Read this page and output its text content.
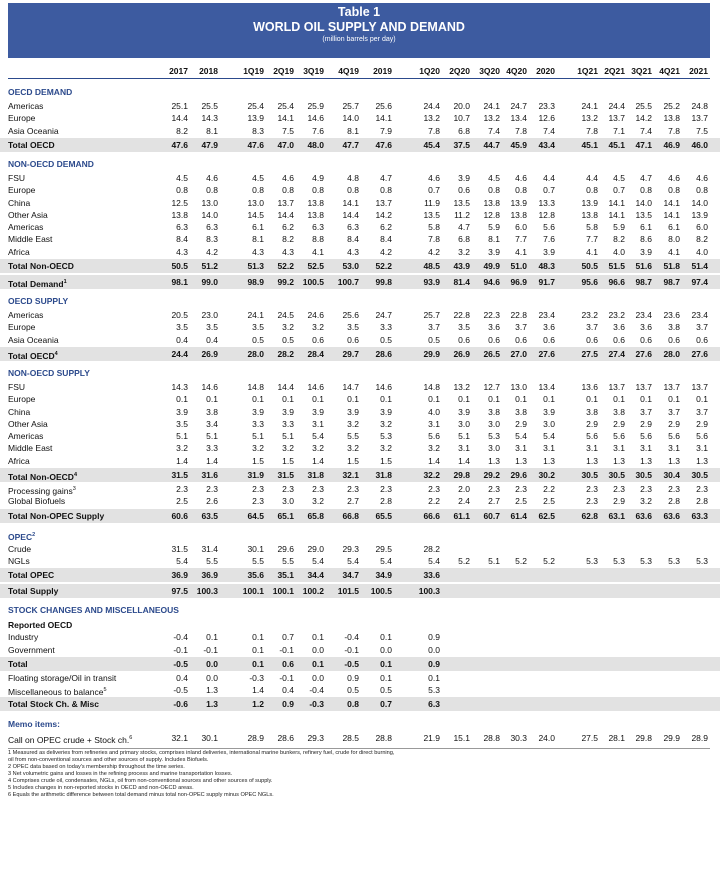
Table 1
WORLD OIL SUPPLY AND DEMAND
(million barrels per day)
2017	2018	1Q19	2Q19	3Q19	4Q19	2019	1Q20	2Q20	3Q20 4Q20	2020	1Q21 2Q21 3Q21 4Q21	2021
OECD DEMAND
Americas	25.1	25.5	25.4	25.4	25.9	25.7	25.6	24.4	20.0	24.1	24.7	23.3	24.1	24.4	25.5	25.2	24.8
Europe	14.4	14.3	13.9	14.1	14.6	14.0	14.1	13.2	10.7	13.2	13.4	12.6	13.2	13.7	14.2	13.8	13.7
Asia Oceania	8.2	8.1	8.3	7.5	7.6	8.1	7.9	7.8	6.8	7.4	7.8	7.4	7.8	7.1	7.4	7.8	7.5
Total OECD	47.6	47.9	47.6	47.0	48.0	47.7	47.6	45.4	37.5	44.7	45.9	43.4	45.1	45.1	47.1	46.9	46.0
NON-OECD DEMAND
FSU	4.5	4.6	4.5	4.6	4.9	4.8	4.7	4.6	3.9	4.5	4.6	4.4	4.4	4.5	4.7	4.6	4.6
Europe	0.8	0.8	0.8	0.8	0.8	0.8	0.8	0.7	0.6	0.8	0.8	0.7	0.8	0.7	0.8	0.8	0.8
China	12.5	13.0	13.0	13.7	13.8	14.1	13.7	11.9	13.5	13.8	13.9	13.3	13.9	14.1	14.0	14.1	14.0
Other Asia	13.8	14.0	14.5	14.4	13.8	14.4	14.2	13.5	11.2	12.8	13.8	12.8	13.8	14.1	13.5	14.1	13.9
Americas	6.3	6.3	6.1	6.2	6.3	6.3	6.2	5.8	4.7	5.9	6.0	5.6	5.8	5.9	6.1	6.1	6.0
Middle East	8.4	8.3	8.1	8.2	8.8	8.4	8.4	7.8	6.8	8.1	7.7	7.6	7.7	8.2	8.6	8.0	8.2
Africa	4.3	4.2	4.3	4.3	4.1	4.3	4.2	4.2	3.2	3.9	4.1	3.9	4.1	4.0	3.9	4.1	4.0
Total Non-OECD	50.5	51.2	51.3	52.2	52.5	53.0	52.2	48.5	43.9	49.9	51.0	48.3	50.5	51.5	51.6	51.8	51.4
Total Demand$^1$	98.1	99.0	98.9	99.2	100.5	100.7	99.8	93.9	81.4	94.6	96.9	91.7	95.6	96.6	98.7	98.7	97.4
OECD SUPPLY
Americas	20.5	23.0	24.1	24.5	24.6	25.6	24.7	25.7	22.8	22.3	22.8	23.4	23.2	23.2	23.4	23.6	23.4
Europe	3.5	3.5	3.5	3.2	3.2	3.5	3.3	3.7	3.5	3.6	3.7	3.6	3.7	3.6	3.6	3.8	3.7
Asia Oceania	0.4	0.4	0.5	0.5	0.6	0.6	0.5	0.5	0.6	0.6	0.6	0.6	0.6	0.6	0.6	0.6	0.6
Total OECD$^4$	24.4	26.9	28.0	28.2	28.4	29.7	28.6	29.9	26.9	26.5	27.0	27.6	27.5	27.4	27.6	28.0	27.6
NON-OECD SUPPLY
FSU	14.3	14.6	14.8	14.4	14.6	14.7	14.6	14.8	13.2	12.7	13.0	13.4	13.6	13.7	13.7	13.7	13.7
Europe	0.1	0.1	0.1	0.1	0.1	0.1	0.1	0.1	0.1	0.1	0.1	0.1	0.1	0.1	0.1	0.1	0.1
China	3.9	3.8	3.9	3.9	3.9	3.9	3.9	4.0	3.9	3.8	3.8	3.9	3.8	3.8	3.7	3.7	3.7
Other Asia	3.5	3.4	3.3	3.3	3.1	3.2	3.2	3.1	3.0	3.0	2.9	3.0	2.9	2.9	2.9	2.9	2.9
Americas	5.1	5.1	5.1	5.1	5.4	5.5	5.3	5.6	5.1	5.3	5.4	5.4	5.6	5.6	5.6	5.6	5.6
Middle East	3.2	3.3	3.2	3.2	3.2	3.2	3.2	3.2	3.1	3.0	3.1	3.1	3.1	3.1	3.1	3.1	3.1
Africa	1.4	1.4	1.5	1.5	1.4	1.5	1.5	1.4	1.4	1.3	1.3	1.3	1.3	1.3	1.3	1.3	1.3
Total Non-OECD$^4$	31.5	31.6	31.9	31.5	31.8	32.1	31.8	32.2	29.8	29.2	29.6	30.2	30.5	30.5	30.5	30.4	30.5
Processing gains$^3$	2.3	2.3	2.3	2.3	2.3	2.3	2.3	2.3	2.0	2.3	2.3	2.2	2.3	2.3	2.3	2.3	2.3
Global Biofuels	2.5	2.6	2.3	3.0	3.2	2.7	2.8	2.2	2.4	2.7	2.5	2.5	2.3	2.9	3.2	2.8	2.8
Total Non-OPEC Supply	60.6	63.5	64.5	65.1	65.8	66.8	65.5	66.6	61.1	60.7	61.4	62.5	62.8	63.1	63.6	63.6	63.3
OPEC$^2$
Crude	31.5	31.4	30.1	29.6	29.0	29.3	29.5	28.2
NGLs	5.4	5.5	5.5	5.5	5.4	5.4	5.4	5.4	5.2	5.1	5.2	5.2	5.3	5.3	5.3	5.3	5.3
Total OPEC	36.9	36.9	35.6	35.1	34.4	34.7	34.9	33.6
Total Supply	97.5	100.3	100.1	100.1	100.2	101.5	100.5	100.3
STOCK CHANGES AND MISCELLANEOUS
Reported OECD
Industry	-0.4	0.1	0.1	0.7	0.1	-0.4	0.1	0.9
Government	-0.1	-0.1	0.1	-0.1	0.0	-0.1	0.0	0.0
Total	-0.5	0.0	0.1	0.6	0.1	-0.5	0.1	0.9
Floating storage/Oil in transit	0.4	0.0	-0.3	-0.1	0.0	0.9	0.1	0.1
Miscellaneous to balance$^5$	-0.5	1.3	1.4	0.4	-0.4	0.5	0.5	5.3
Total Stock Ch. & Misc	-0.6	1.3	1.2	0.9	-0.3	0.8	0.7	6.3
Memo items:
Call on OPEC crude + Stock ch.$^6$	32.1	30.1	28.9	28.6	29.3	28.5	28.8	21.9	15.1	28.8	30.3	24.0	27.5	28.1	29.8	29.9	28.9
1 Measured as deliveries from refineries and primary stocks, comprises inland deliveries, international marine bunkers, refinery fuel, crude for direct burning,
oil from non-conventional sources and other sources of supply. Includes Biofuels.
2 OPEC data based on today's membership throughout the time series.
3 Net volumetric gains and losses in the refining process and marine transportation losses.
4 Comprises crude oil, condensates, NGLs, oil from non-conventional sources and other sources of supply.
5 Includes changes in non-reported stocks in OECD and non-OECD areas.
6 Equals the arithmetic difference between total demand minus total non-OPEC supply minus OPEC NGLs.
